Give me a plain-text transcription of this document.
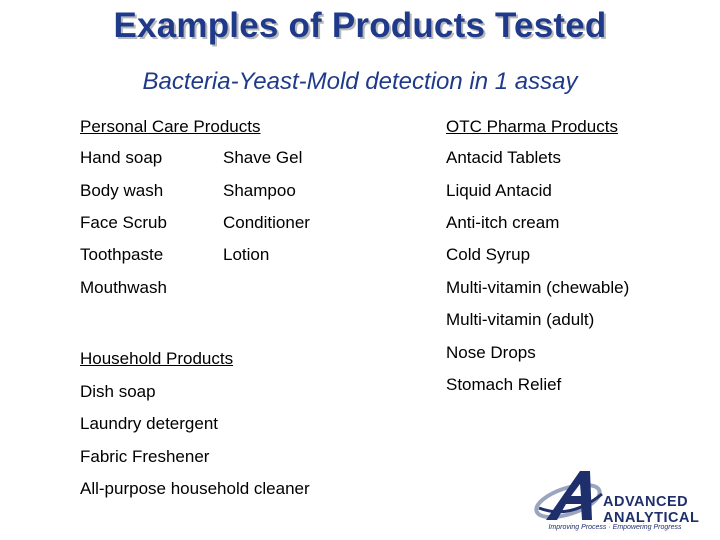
Examples of Products Tested
Bacteria-Yeast-Mold detection in 1 assay
Personal Care Products
Hand soap
Body wash
Face Scrub
Toothpaste
Mouthwash
Shave Gel
Shampoo
Conditioner
Lotion
OTC Pharma Products
Antacid Tablets
Liquid Antacid
Anti-itch cream
Cold Syrup
Multi-vitamin (chewable)
Multi-vitamin (adult)
Nose Drops
Stomach Relief
Household Products
Dish soap
Laundry detergent
Fabric Freshener
All-purpose household cleaner
ADVANCED
ANALYTICAL
Improving Process · Empowering Progress
